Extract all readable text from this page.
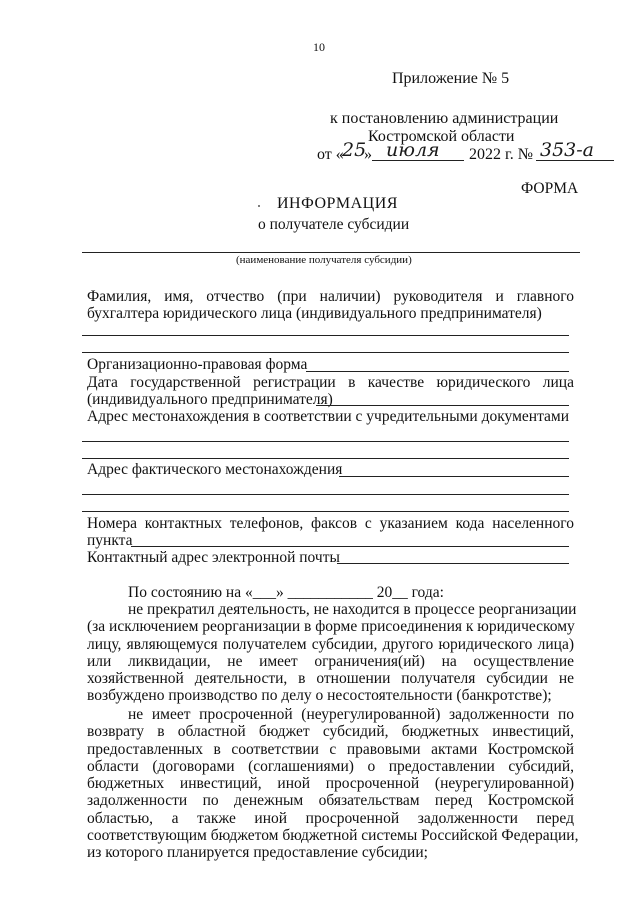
10
Приложение № 5
к постановлению администрации
Костромской области
от «
25
» июля 2022 г. № 353-а
ФОРМА
ИНФОРМАЦИЯ
о получателе субсидии
(наименование получателя субсидии)
Фамилия, имя, отчество (при наличии) руководителя и главного
бухгалтера юридического лица (индивидуального предпринимателя)
Организационно-правовая форма
Дата государственной регистрации в качестве юридического лица
(индивидуального предпринимателя)
Адрес местонахождения в соответствии с учредительными документами
Адрес фактического местонахождения
Номера контактных телефонов, факсов с указанием кода населенного
пункта
Контактный адрес электронной почты
По состоянию на «___» ___________ 20__ года:
не прекратил деятельность, не находится в процессе реорганизации
(за исключением реорганизации в форме присоединения к юридическому
лицу, являющемуся получателем субсидии, другого юридического лица)
или ликвидации, не имеет ограничения(ий) на осуществление
хозяйственной деятельности, в отношении получателя субсидии не
возбуждено производство по делу о несостоятельности (банкротстве);
не имеет просроченной (неурегулированной) задолженности по
возврату в областной бюджет субсидий, бюджетных инвестиций,
предоставленных в соответствии с правовыми актами Костромской
области (договорами (соглашениями) о предоставлении субсидий,
бюджетных инвестиций, иной просроченной (неурегулированной)
задолженности по денежным обязательствам перед Костромской
областью, а также иной просроченной задолженности перед
соответствующим бюджетом бюджетной системы Российской Федерации,
из которого планируется предоставление субсидии;
